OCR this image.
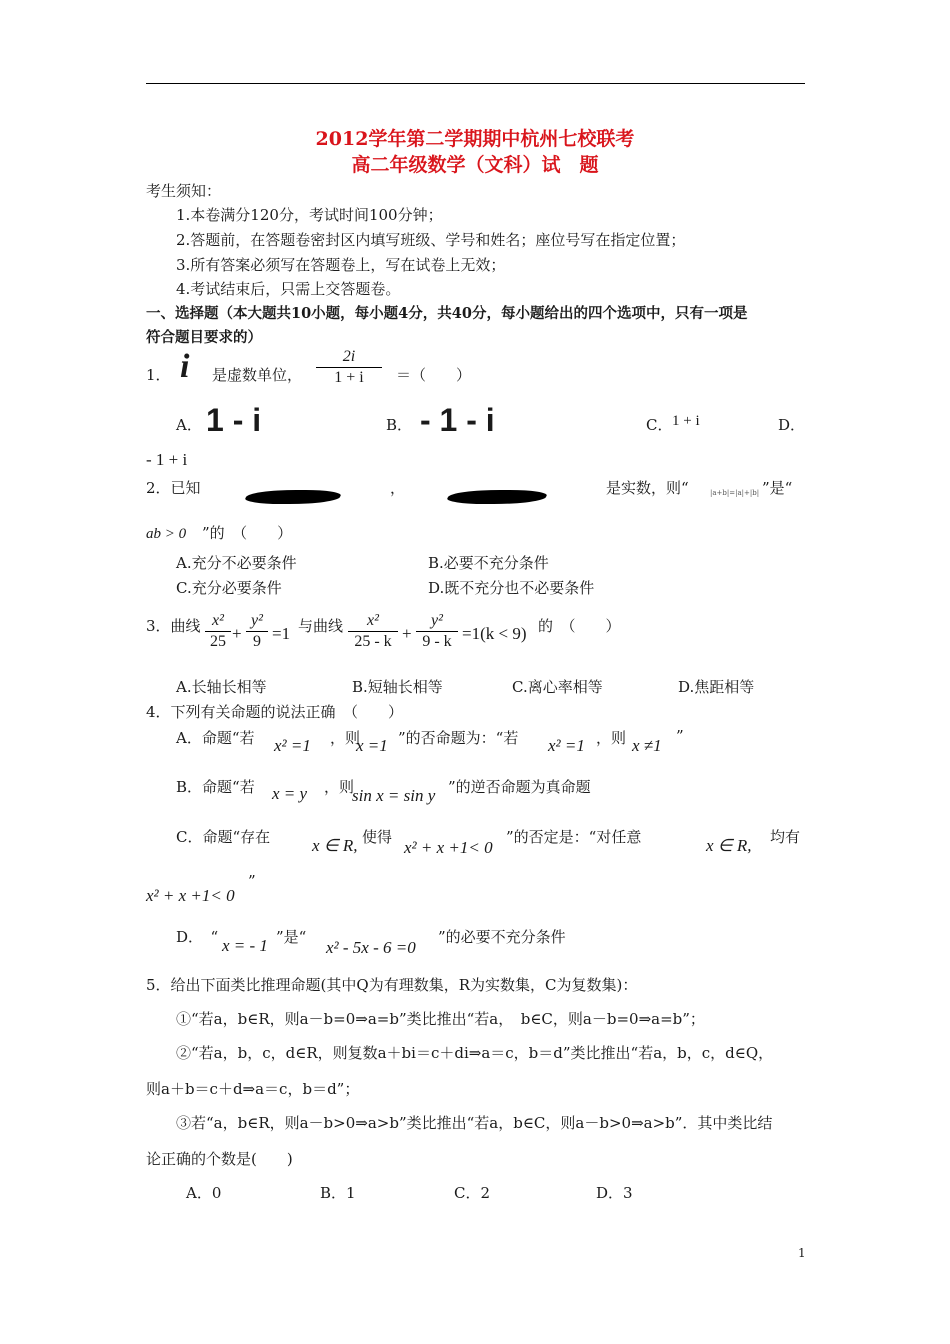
2012学年第二学期期中杭州七校联考
高二年级数学（文科）试　题
考生须知：
1.本卷满分120分，考试时间100分钟；
2.答题前，在答题卷密封区内填写班级、学号和姓名；座位号写在指定位置；
3.所有答案必须写在答题卷上，写在试卷上无效；
4.考试结束后，只需上交答题卷。
一、选择题（本大题共10小题，每小题4分，共40分，每小题给出的四个选项中，只有一项是
符合题目要求的）
1． i 是虚数单位， $\frac{2i}{1 + i}$ ＝（　　）
A． 1 - i	B． - 1 - i	C． 1 + i	D．
- 1 + i
2．已知	，	是实数，则“	|a+b|=|a|+|b| ”是“
ab > 0 ”的　（　　）
A.充分不必要条件	B.必要不充分条件
C.充分必要条件	D.既不充分也不必要条件
3．曲线 $\frac{\text{x²}}{25} + \frac{\text{y²}}{9} =1$ 与曲线 $\frac{\text{x²}}{25 - k} + \frac{\text{y²}}{9 - k} =1(k < 9)$ 的　（　　）
A.长轴长相等	B.短轴长相等	C.离心率相等	D.焦距相等
4．下列有关命题的说法正确　（　　）
A．命题“若 x² =1 ，则
x =1 ”的否命题为：“若 x² =1 ，则 x ≠1 ”
B．命题“若 x = y ，则
sin x = sin y ”的逆否命题为真命题
C．命题“存在 x ∈ R, 使得
x² + x +1< 0
”的否定是：“对任意	x ∈ R, 均有
x² + x +1< 0
”
D．　“ x = - 1 ”是“
x² - 5x - 6 =0
”的必要不充分条件
5．给出下面类比推理命题(其中Q为有理数集，R为实数集，C为复数集)：
①“若a，b∈R，则a－b=0⇒a=b”类比推出“若a，　b∈C，则a－b=0⇒a=b”；
②“若a，b，c，d∈R，则复数a＋bi＝c＋di⇒a＝c，b＝d”类比推出“若a，b，c，d∈Q，
则a＋b＝c＋d⇒a＝c，b＝d”；
③若“a，b∈R，则a－b>0⇒a>b”类比推出“若a，b∈C，则a－b>0⇒a>b”．其中类比结
论正确的个数是(　　)
A．0	B．1	C．2	D．3
1
